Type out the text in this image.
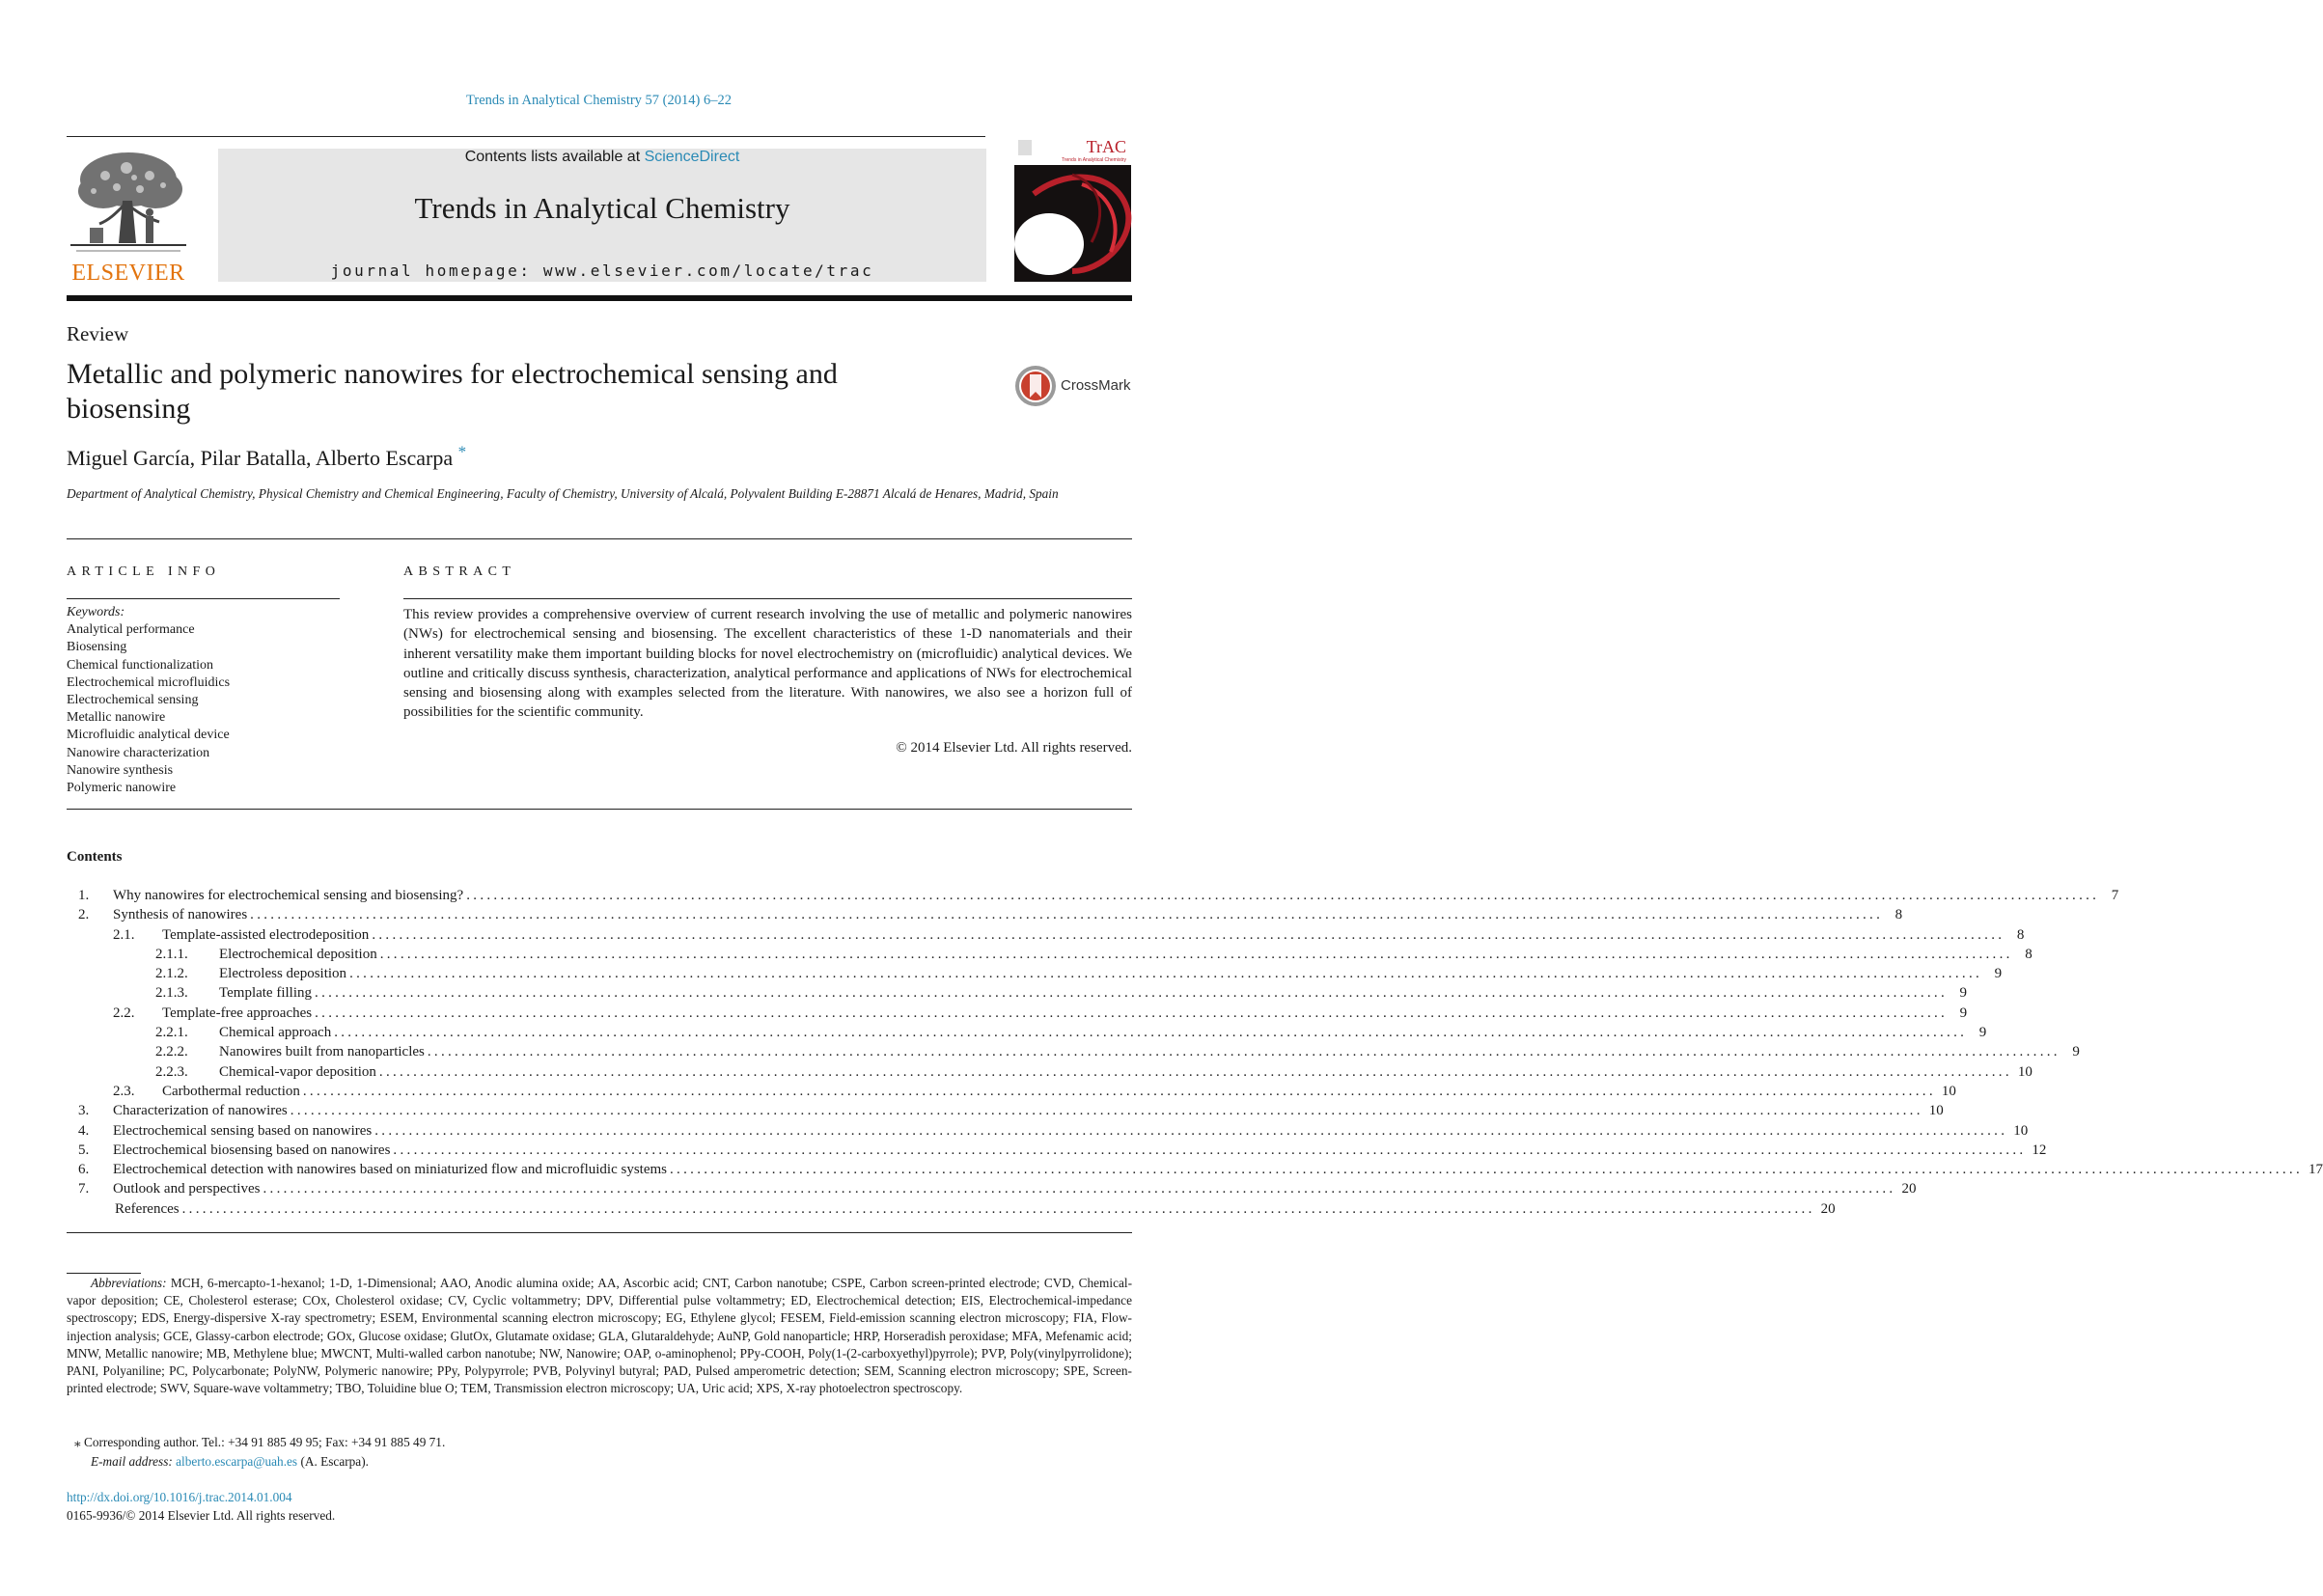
Trends in Analytical Chemistry 57 (2014) 6–22
ELSEVIER
Contents lists available at ScienceDirect
Trends in Analytical Chemistry
journal homepage: www.elsevier.com/locate/trac
TrAC
Trends in Analytical Chemistry
Review
Metallic and polymeric nanowires for electrochemical sensing and biosensing
CrossMark
Miguel García, Pilar Batalla, Alberto Escarpa *
Department of Analytical Chemistry, Physical Chemistry and Chemical Engineering, Faculty of Chemistry, University of Alcalá, Polyvalent Building E-28871 Alcalá de Henares, Madrid, Spain
ARTICLE INFO	ABSTRACT
Keywords:
Analytical performance
Biosensing
Chemical functionalization
Electrochemical microfluidics
Electrochemical sensing
Metallic nanowire
Microfluidic analytical device
Nanowire characterization
Nanowire synthesis
Polymeric nanowire
This review provides a comprehensive overview of current research involving the use of metallic and polymeric nanowires (NWs) for electrochemical sensing and biosensing. The excellent characteristics of these 1-D nanomaterials and their inherent versatility make them important building blocks for novel electrochemistry on (microfluidic) analytical devices. We outline and critically discuss synthesis, characterization, analytical performance and applications of NWs for electrochemical sensing and biosensing along with examples selected from the literature. With nanowires, we also see a horizon full of possibilities for the scientific community.
© 2014 Elsevier Ltd. All rights reserved.
Contents
1. Why nanowires for electrochemical sensing and biosensing? ................................................................................................................................................................................................................................................ 7
2. Synthesis of nanowires ................................................................................................................................................................................................................................................ 8
2.1. Template-assisted electrodeposition ................................................................................................................................................................................................................................................ 8
2.1.1. Electrochemical deposition ................................................................................................................................................................................................................................................ 8
2.1.2. Electroless deposition ................................................................................................................................................................................................................................................ 9
2.1.3. Template filling ................................................................................................................................................................................................................................................ 9
2.2. Template-free approaches ................................................................................................................................................................................................................................................ 9
2.2.1. Chemical approach ................................................................................................................................................................................................................................................ 9
2.2.2. Nanowires built from nanoparticles ................................................................................................................................................................................................................................................ 9
2.2.3. Chemical-vapor deposition ................................................................................................................................................................................................................................................ 10
2.3. Carbothermal reduction ................................................................................................................................................................................................................................................ 10
3. Characterization of nanowires ................................................................................................................................................................................................................................................ 10
4. Electrochemical sensing based on nanowires ................................................................................................................................................................................................................................................ 10
5. Electrochemical biosensing based on nanowires ................................................................................................................................................................................................................................................ 12
6. Electrochemical detection with nanowires based on miniaturized flow and microfluidic systems ................................................................................................................................................................................................................................................ 17
7. Outlook and perspectives ................................................................................................................................................................................................................................................ 20
References ................................................................................................................................................................................................................................................ 20
Abbreviations: MCH, 6-mercapto-1-hexanol; 1-D, 1-Dimensional; AAO, Anodic alumina oxide; AA, Ascorbic acid; CNT, Carbon nanotube; CSPE, Carbon screen-printed electrode; CVD, Chemical-vapor deposition; CE, Cholesterol esterase; COx, Cholesterol oxidase; CV, Cyclic voltammetry; DPV, Differential pulse voltammetry; ED, Electrochemical detection; EIS, Electrochemical-impedance spectroscopy; EDS, Energy-dispersive X-ray spectrometry; ESEM, Environmental scanning electron microscopy; EG, Ethylene glycol; FESEM, Field-emission scanning electron microscopy; FIA, Flow-injection analysis; GCE, Glassy-carbon electrode; GOx, Glucose oxidase; GlutOx, Glutamate oxidase; GLA, Glutaraldehyde; AuNP, Gold nanoparticle; HRP, Horseradish peroxidase; MFA, Mefenamic acid; MNW, Metallic nanowire; MB, Methylene blue; MWCNT, Multi-walled carbon nanotube; NW, Nanowire; OAP, o-aminophenol; PPy-COOH, Poly(1-(2-carboxyethyl)pyrrole); PVP, Poly(vinylpyrrolidone); PANI, Polyaniline; PC, Polycarbonate; PolyNW, Polymeric nanowire; PPy, Polypyrrole; PVB, Polyvinyl butyral; PAD, Pulsed amperometric detection; SEM, Scanning electron microscopy; SPE, Screen-printed electrode; SWV, Square-wave voltammetry; TBO, Toluidine blue O; TEM, Transmission electron microscopy; UA, Uric acid; XPS, X-ray photoelectron spectroscopy.
⁎ Corresponding author. Tel.: +34 91 885 49 95; Fax: +34 91 885 49 71.
E-mail address: alberto.escarpa@uah.es (A. Escarpa).
http://dx.doi.org/10.1016/j.trac.2014.01.004
0165-9936/© 2014 Elsevier Ltd. All rights reserved.
